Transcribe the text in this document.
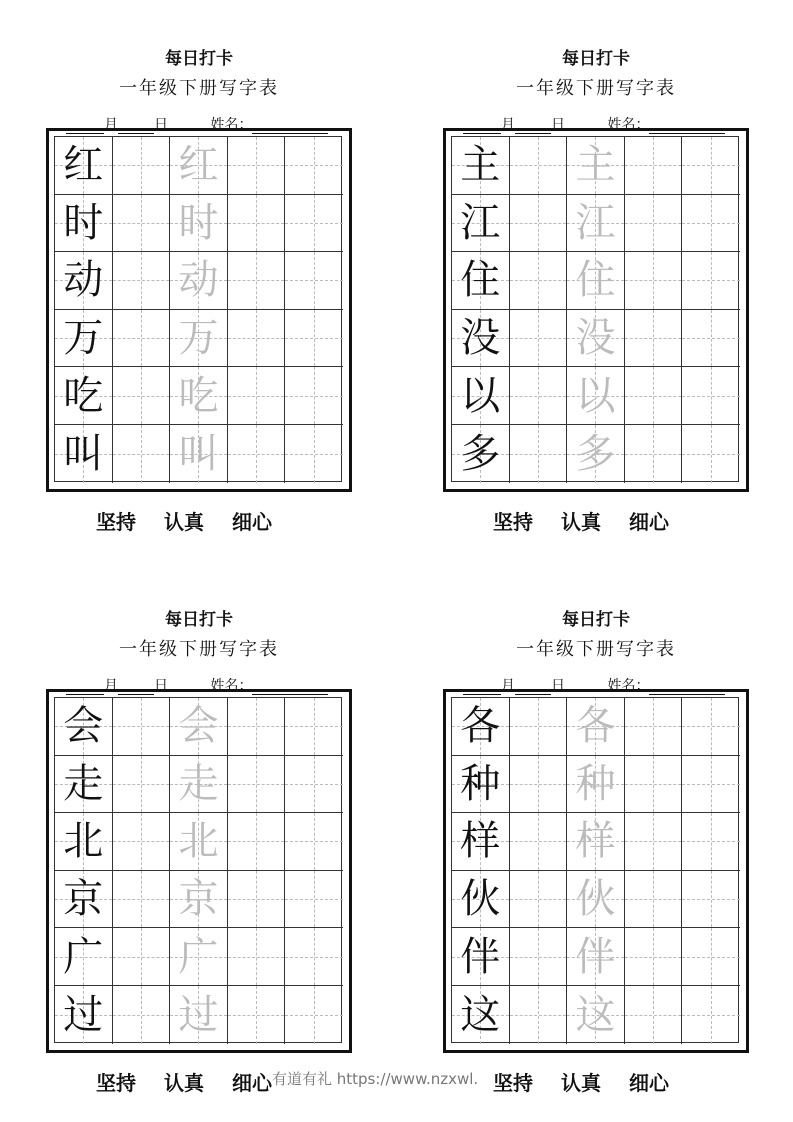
有道有礼 https://www.nzxwl.
每日打卡
一年级下册写字表
月	日	姓名：
红 红
时 时
动 动
万 万
吃 吃
叫 叫
坚持 认真 细心
每日打卡
一年级下册写字表
月	日	姓名：
主 主
江 江
住 住
没 没
以 以
多 多
坚持 认真 细心
每日打卡
一年级下册写字表
月	日	姓名：
会 会
走 走
北 北
京 京
广 广
过 过
坚持 认真 细心
每日打卡
一年级下册写字表
月	日	姓名：
各 各
种 种
样 样
伙 伙
伴 伴
这 这
坚持 认真 细心
